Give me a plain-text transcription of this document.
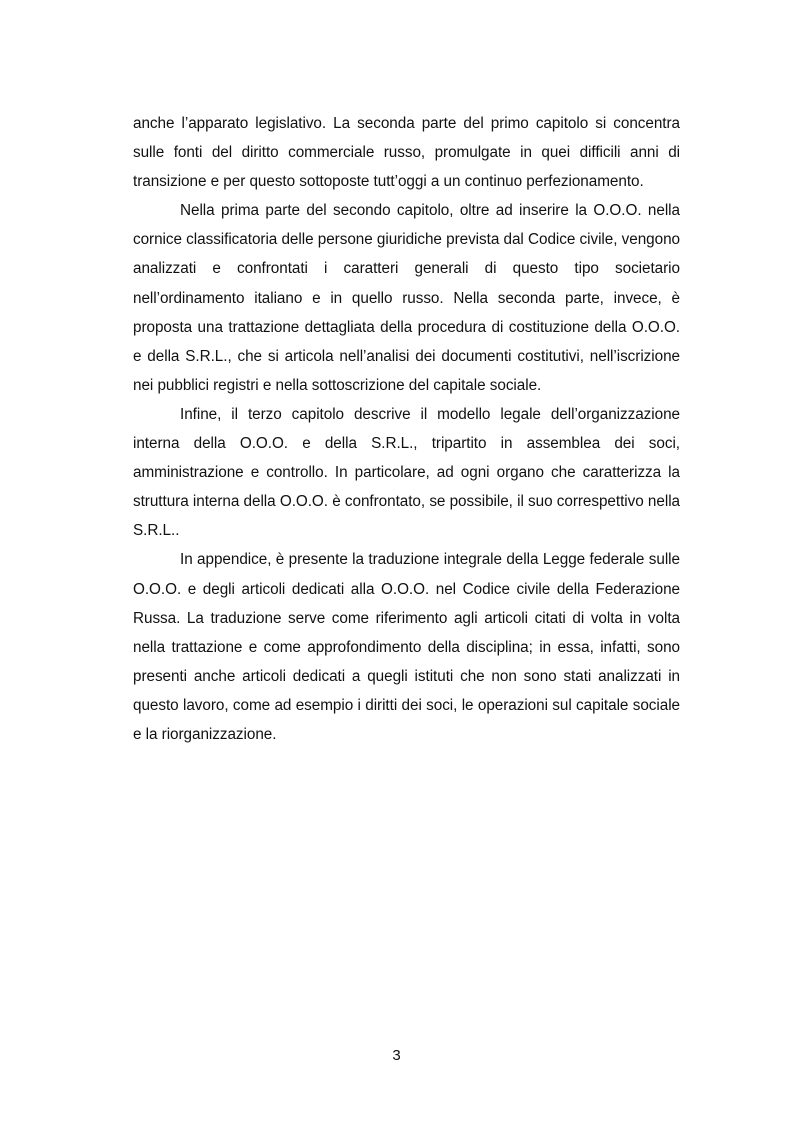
anche l’apparato legislativo. La seconda parte del primo capitolo si concentra sulle fonti del diritto commerciale russo, promulgate in quei difficili anni di transizione e per questo sottoposte tutt’oggi a un continuo perfezionamento.

Nella prima parte del secondo capitolo, oltre ad inserire la O.O.O. nella cornice classificatoria delle persone giuridiche prevista dal Codice civile, vengono analizzati e confrontati i caratteri generali di questo tipo societario nell’ordinamento italiano e in quello russo. Nella seconda parte, invece, è proposta una trattazione dettagliata della procedura di costituzione della O.O.O. e della S.R.L., che si articola nell’analisi dei documenti costitutivi, nell’iscrizione nei pubblici registri e nella sottoscrizione del capitale sociale.

Infine, il terzo capitolo descrive il modello legale dell’organizzazione interna della O.O.O. e della S.R.L., tripartito in assemblea dei soci, amministrazione e controllo. In particolare, ad ogni organo che caratterizza la struttura interna della O.O.O. è confrontato, se possibile, il suo correspettivo nella S.R.L..

In appendice, è presente la traduzione integrale della Legge federale sulle O.O.O. e degli articoli dedicati alla O.O.O. nel Codice civile della Federazione Russa. La traduzione serve come riferimento agli articoli citati di volta in volta nella trattazione e come approfondimento della disciplina; in essa, infatti, sono presenti anche articoli dedicati a quegli istituti che non sono stati analizzati in questo lavoro, come ad esempio i diritti dei soci, le operazioni sul capitale sociale e la riorganizzazione.

3
